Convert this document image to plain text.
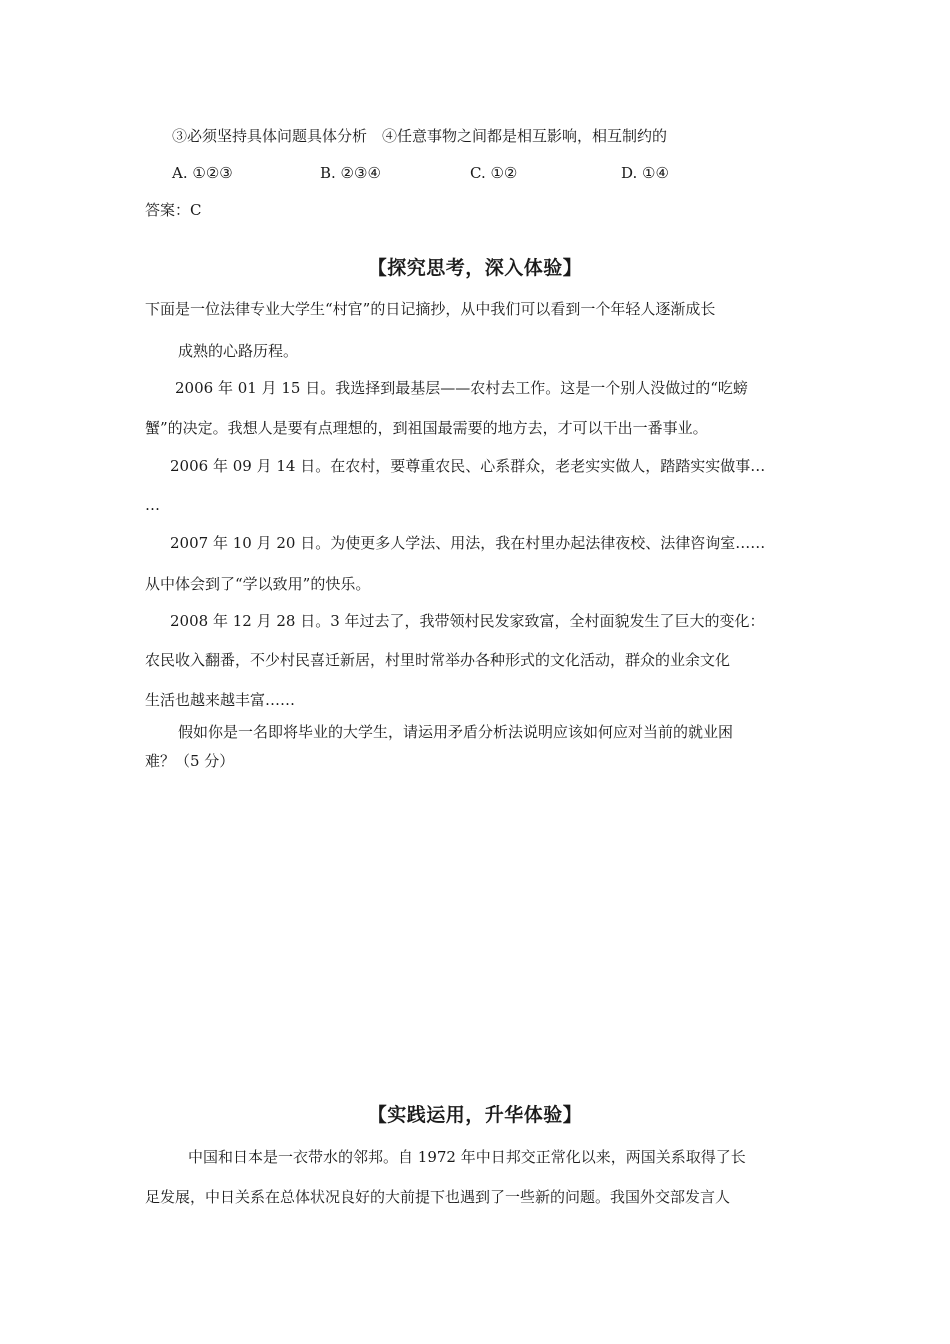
③必须坚持具体问题具体分析　④任意事物之间都是相互影响，相互制约的
A. ①②③	B. ②③④	C. ①②	D. ①④
答案：C
【探究思考，深入体验】
下面是一位法律专业大学生“村官”的日记摘抄，从中我们可以看到一个年轻人逐渐成长
成熟的心路历程。
2006 年 01 月 15 日。我选择到最基层——农村去工作。这是一个别人没做过的“吃螃
蟹”的决定。我想人是要有点理想的，到祖国最需要的地方去，才可以干出一番事业。
2006 年 09 月 14 日。在农村，要尊重农民、心系群众，老老实实做人，踏踏实实做事…
…
2007 年 10 月 20 日。为使更多人学法、用法，我在村里办起法律夜校、法律咨询室……
从中体会到了“学以致用”的快乐。
2008 年 12 月 28 日。3 年过去了，我带领村民发家致富，全村面貌发生了巨大的变化：
农民收入翻番，不少村民喜迁新居，村里时常举办各种形式的文化活动，群众的业余文化
生活也越来越丰富……
假如你是一名即将毕业的大学生，请运用矛盾分析法说明应该如何应对当前的就业困
难？（5 分）
【实践运用，升华体验】
中国和日本是一衣带水的邻邦。自 1972 年中日邦交正常化以来，两国关系取得了长
足发展，中日关系在总体状况良好的大前提下也遇到了一些新的问题。我国外交部发言人
